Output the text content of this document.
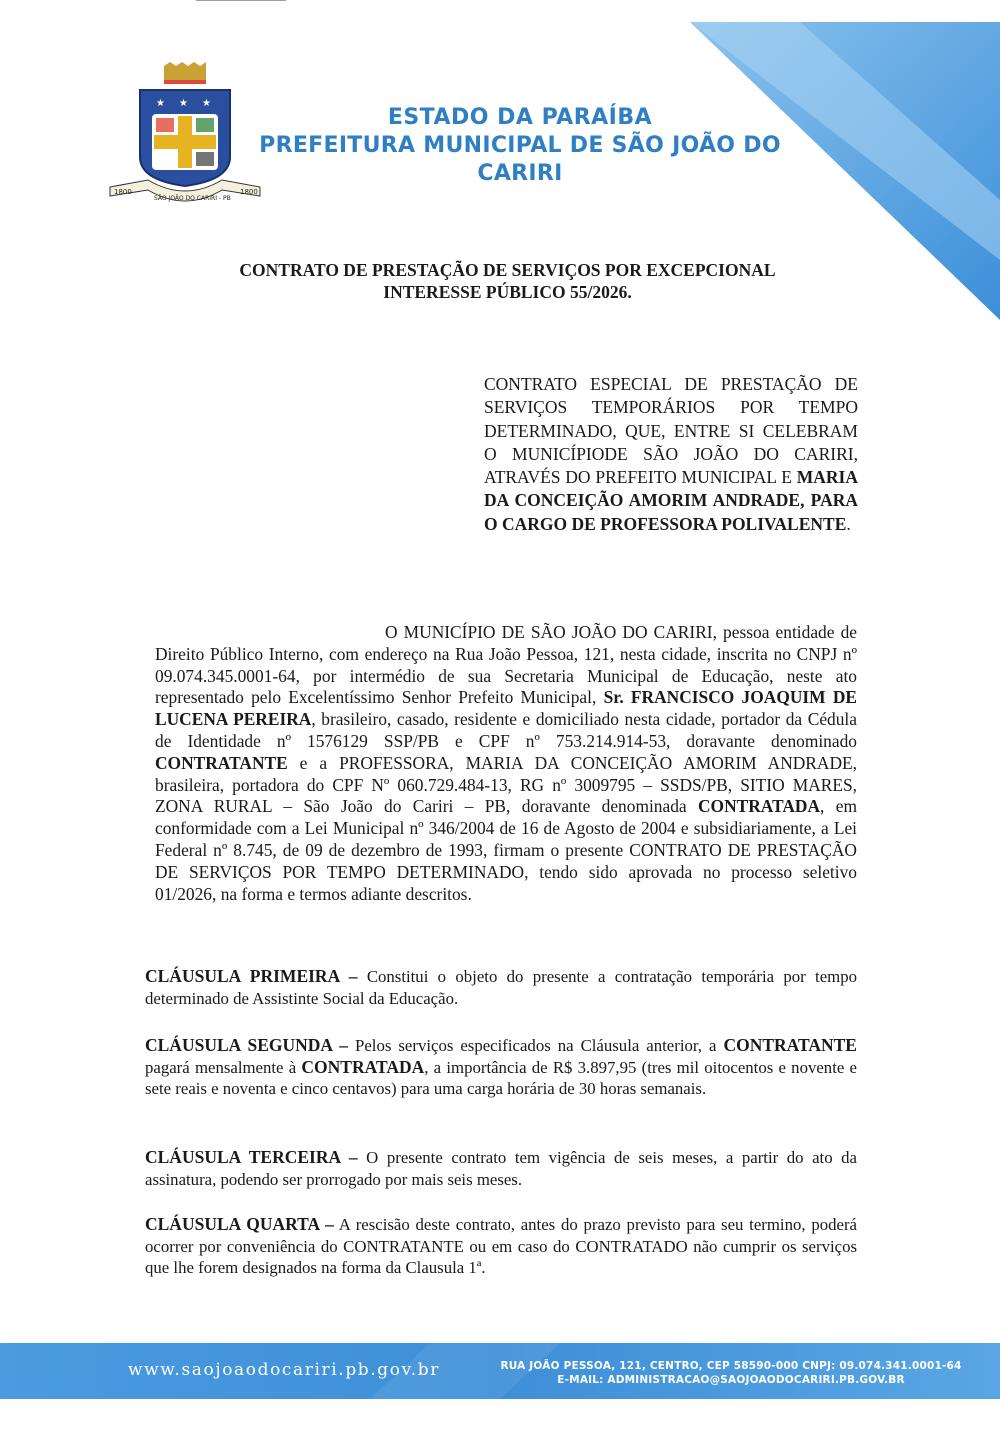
★ ★ ★
1800	1800
SÃO JOÃO DO CARIRI - PB
ESTADO DA PARAÍBA
PREFEITURA MUNICIPAL DE SÃO JOÃO DO CARIRI
CONTRATO DE PRESTAÇÃO DE SERVIÇOS POR EXCEPCIONAL
INTERESSE PÚBLICO 55/2026.
CONTRATO ESPECIAL DE PRESTAÇÃO DE SERVIÇOS TEMPORÁRIOS POR TEMPO DETERMINADO, QUE, ENTRE SI CELEBRAM O MUNICÍPIODE SÃO JOÃO DO CARIRI, ATRAVÉS DO PREFEITO MUNICIPAL E MARIA DA CONCEIÇÃO AMORIM ANDRADE, PARA O CARGO DE PROFESSORA POLIVALENTE.
O MUNICÍPIO DE SÃO JOÃO DO CARIRI, pessoa entidade de Direito Público Interno, com endereço na Rua João Pessoa, 121, nesta cidade, inscrita no CNPJ nº 09.074.345.0001-64, por intermédio de sua Secretaria Municipal de Educação, neste ato representado pelo Excelentíssimo Senhor Prefeito Municipal, Sr. FRANCISCO JOAQUIM DE LUCENA PEREIRA, brasileiro, casado, residente e domiciliado nesta cidade, portador da Cédula de Identidade nº 1576129 SSP/PB e CPF nº 753.214.914-53, doravante denominado CONTRATANTE e a PROFESSORA, MARIA DA CONCEIÇÃO AMORIM ANDRADE, brasileira, portadora do CPF Nº 060.729.484-13, RG nº 3009795 – SSDS/PB, SITIO MARES, ZONA RURAL – São João do Cariri – PB, doravante denominada CONTRATADA, em conformidade com a Lei Municipal nº 346/2004 de 16 de Agosto de 2004 e subsidiariamente, a Lei Federal nº 8.745, de 09 de dezembro de 1993, firmam o presente CONTRATO DE PRESTAÇÃO DE SERVIÇOS POR TEMPO DETERMINADO, tendo sido aprovada no processo seletivo 01/2026, na forma e termos adiante descritos.
CLÁUSULA PRIMEIRA – Constitui o objeto do presente a contratação temporária por tempo determinado de Assistinte Social da Educação.
CLÁUSULA SEGUNDA – Pelos serviços especificados na Cláusula anterior, a CONTRATANTE pagará mensalmente à CONTRATADA, a importância de R$ 3.897,95 (tres mil oitocentos e novente e sete reais e noventa e cinco centavos) para uma carga horária de 30 horas semanais.
CLÁUSULA TERCEIRA – O presente contrato tem vigência de seis meses, a partir do ato da assinatura, podendo ser prorrogado por mais seis meses.
CLÁUSULA QUARTA – A rescisão deste contrato, antes do prazo previsto para seu termino, poderá ocorrer por conveniência do CONTRATANTE ou em caso do CONTRATADO não cumprir os serviços que lhe forem designados na forma da Clausula 1ª.
www.saojoaodocariri.pb.gov.br	RUA JOÃO PESSOA, 121, CENTRO, CEP 58590-000 CNPJ: 09.074.341.0001-64
E-MAIL: ADMINISTRACAO@SAOJOAODOCARIRI.PB.GOV.BR
